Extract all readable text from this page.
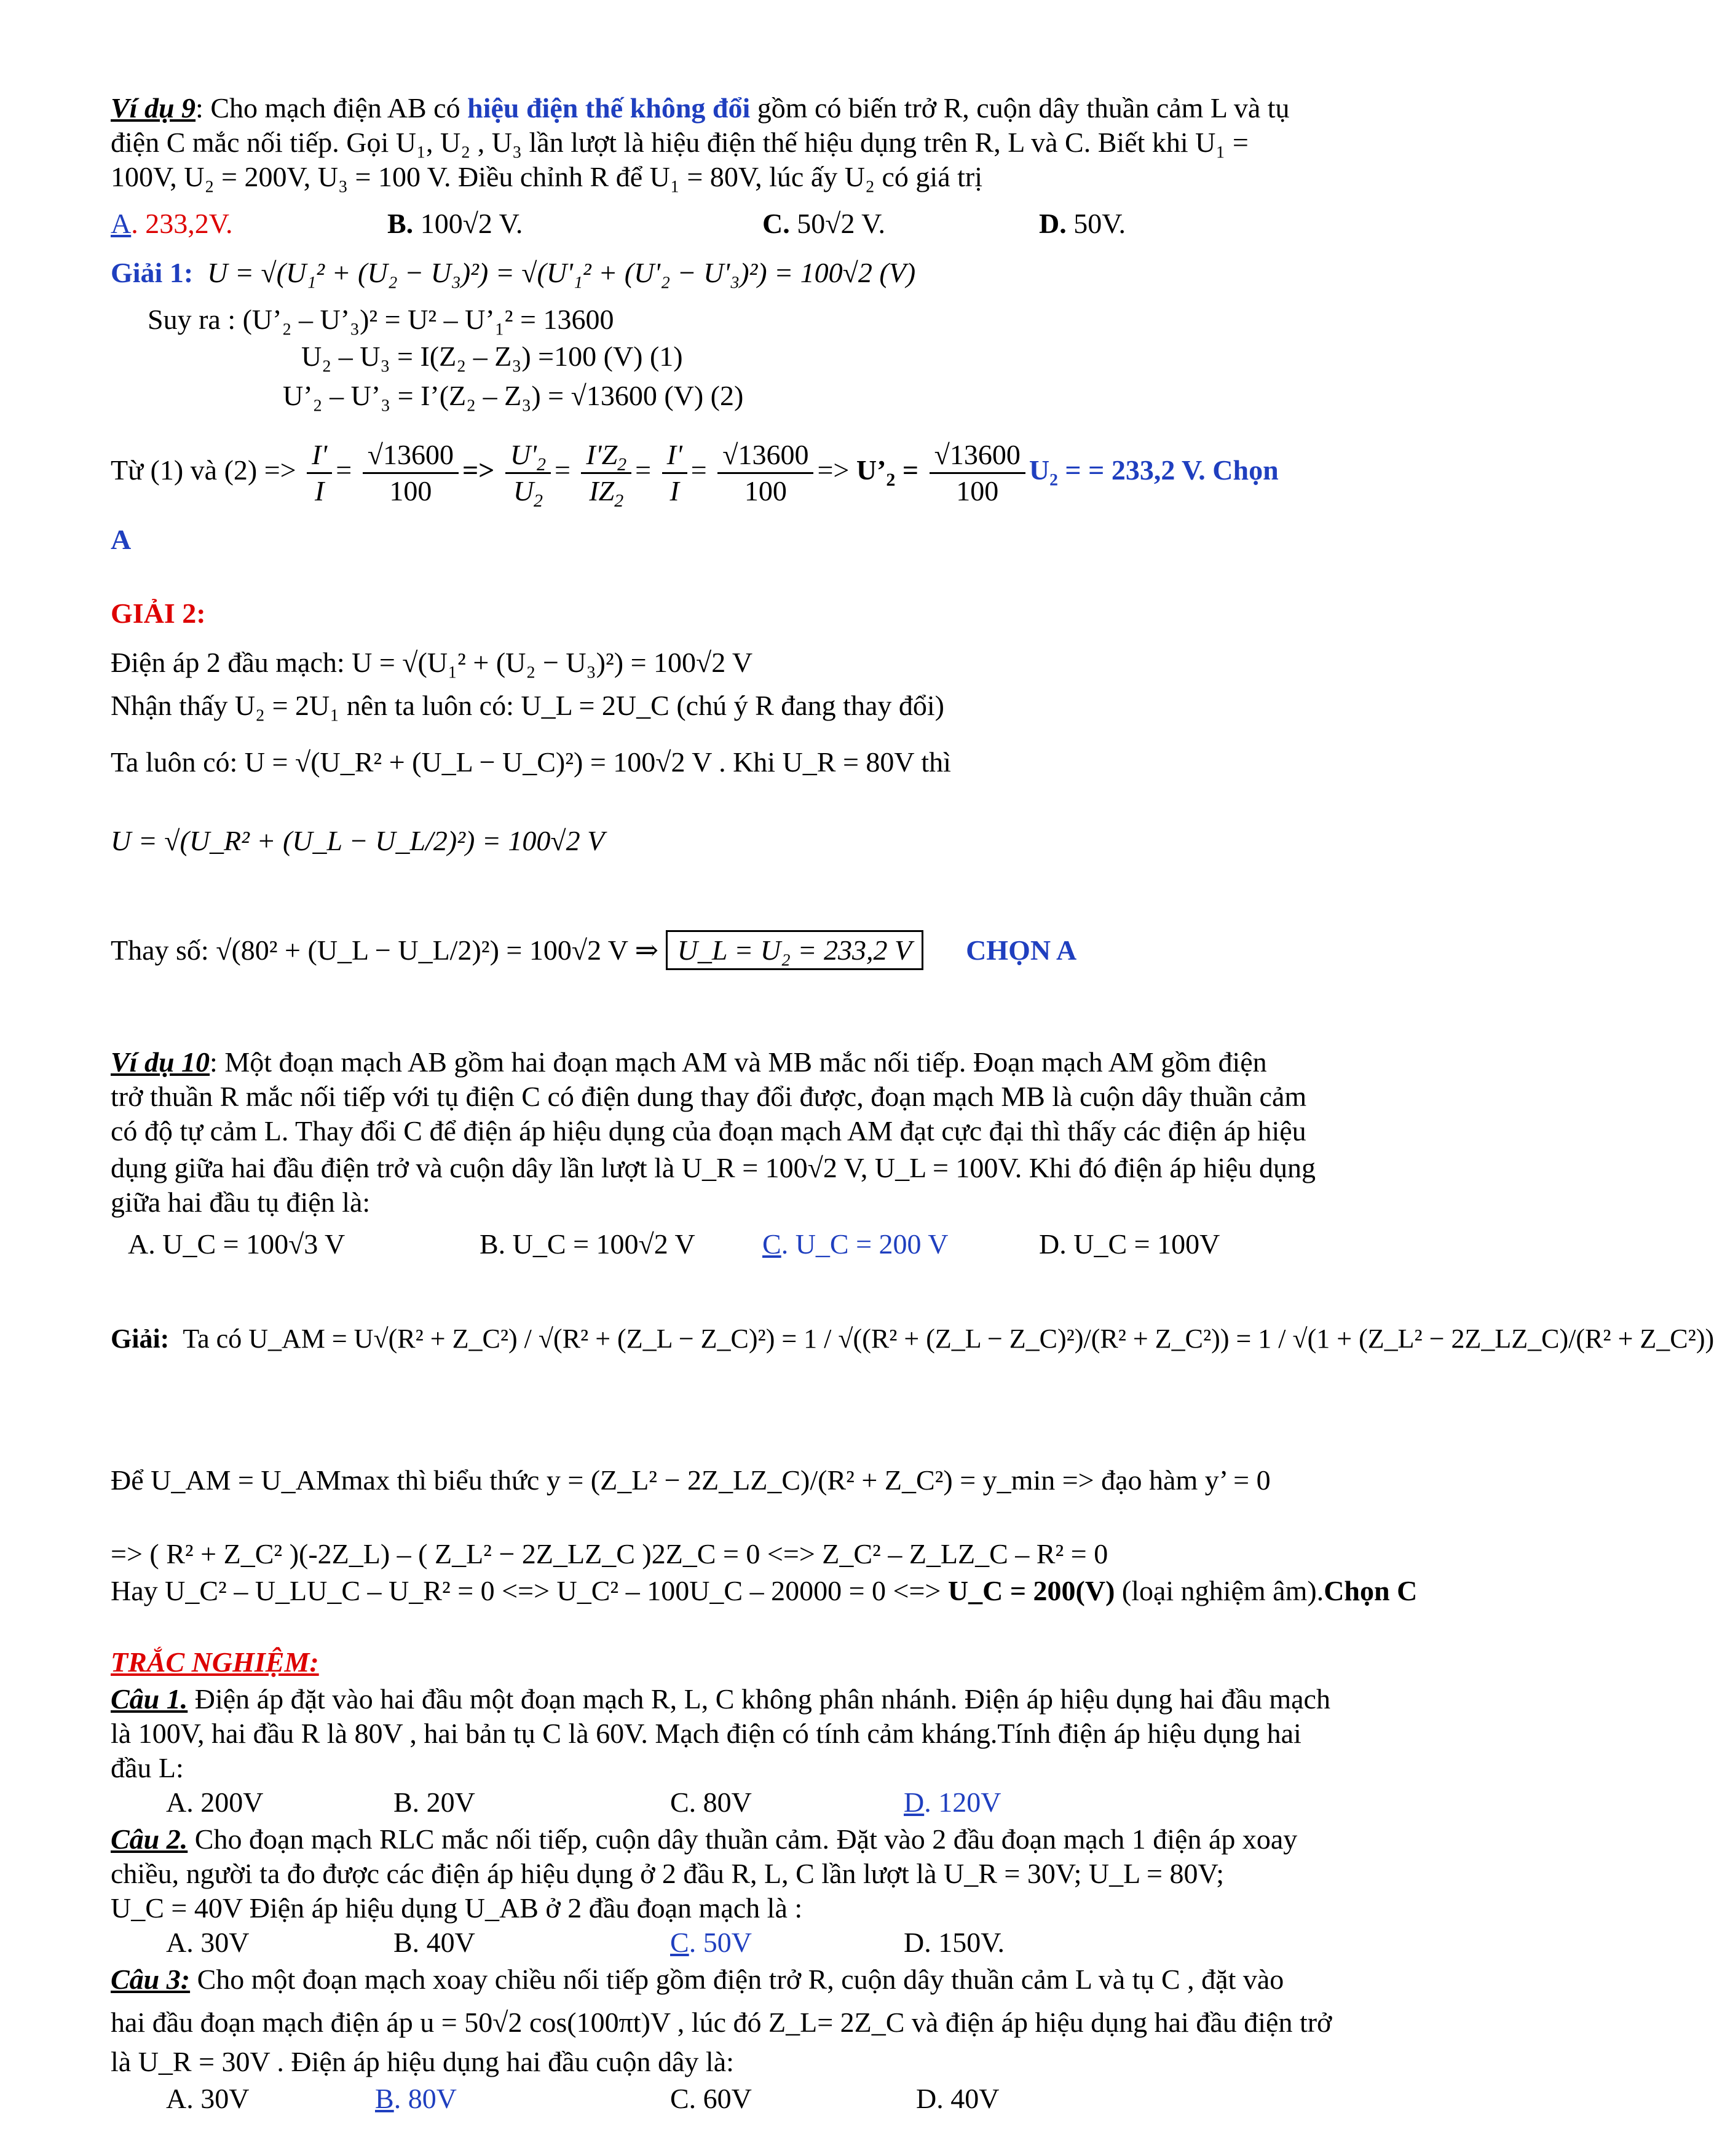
Ví dụ 9: Cho mạch điện AB có hiệu điện thế không đổi gồm có biến trở R, cuộn dây thuần cảm L và tụ
điện C mắc nối tiếp. Gọi U₁, U₂ , U₃ lần lượt là hiệu điện thế hiệu dụng trên R, L và C. Biết khi U₁ =
100V, U₂ = 200V, U₃ = 100 V. Điều chỉnh R để U₁ = 80V, lúc ấy U₂ có giá trị
A. 233,2V.	B. 100√2 V.	C. 50√2 V.	D. 50V.
Giải 1: U = √(U₁² + (U₂ − U₃)²) = √(U'₁² + (U'₂ − U'₃)²) = 100√2 (V)
Suy ra : (U’₂ – U’₃)² = U² – U’₁² = 13600
U₂ – U₃ = I(Z₂ – Z₃) =100 (V) (1)
U’₂ – U’₃ = I’(Z₂ – Z₃) = √13600 (V) (2)
Từ (1) và $(2) => \frac{I'}{I} = \frac{√13600}{100} => \frac{U'_2}{U_2} = \frac{I'Z_2}{IZ_2} = \frac{I'}{I} = \frac{√13600}{100}$ => $U’_2 = \frac{√13600}{100} U_2$ = = 233,2 V. Chọn
A
GIẢI 2:
Điện áp 2 đầu mạch: U = √(U₁² + (U₂ − U₃)²) = 100√2 V
Nhận thấy U₂ = 2U₁ nên ta luôn có: U_L = 2U_C (chú ý R đang thay đổi)
Ta luôn có: U = √(U_R² + (U_L − U_C)²) = 100√2 V . Khi U_R = 80V thì
U = √(U_R² + (U_L − U_L/2)²) = 100√2 V
Thay số: √(80² + (U_L − U_L/2)²) = 100√2 V ⇒ U_L = U₂ = 233,2 V CHỌN A
Ví dụ 10: Một đoạn mạch AB gồm hai đoạn mạch AM và MB mắc nối tiếp. Đoạn mạch AM gồm điện
trở thuần R mắc nối tiếp với tụ điện C có điện dung thay đổi được, đoạn mạch MB là cuộn dây thuần cảm
có độ tự cảm L. Thay đổi C để điện áp hiệu dụng của đoạn mạch AM đạt cực đại thì thấy các điện áp hiệu
dụng giữa hai đầu điện trở và cuộn dây lần lượt là U_R = 100√2 V, U_L = 100V. Khi đó điện áp hiệu dụng
giữa hai đầu tụ điện là:
A. U_C = 100√3 V	B. U_C = 100√2 V C. U_C = 200 V	D. U_C = 100V
Giải: Ta có U_AM = U√(R² + Z_C²) / √(R² + (Z_L − Z_C)²) = 1 / √((R² + (Z_L − Z_C)²)/(R² + Z_C²)) = 1 / √(1 + (Z_L² − 2Z_LZ_C)/(R² + Z_C²))
Để U_AM = U_AMmax thì biểu thức y = (Z_L² − 2Z_LZ_C)/(R² + Z_C²) = y_min => đạo hàm y’ = 0
=> ( R² + Z_C² )(-2Z_L) – ( Z_L² − 2Z_LZ_C )2Z_C = 0 <=> Z_C² – Z_LZ_C – R² = 0
Hay U_C² – U_LU_C – U_R² = 0 <=> U_C² – 100U_C – 20000 = 0 <=> U_C = 200(V) (loại nghiệm âm).Chọn C
TRẮC NGHIỆM:
Câu 1. Điện áp đặt vào hai đầu một đoạn mạch R, L, C không phân nhánh. Điện áp hiệu dụng hai đầu mạch
là 100V, hai đầu R là 80V , hai bản tụ C là 60V. Mạch điện có tính cảm kháng.Tính điện áp hiệu dụng hai
đầu L:
A. 200V	B. 20V	C. 80V	D. 120V
Câu 2. Cho đoạn mạch RLC mắc nối tiếp, cuộn dây thuần cảm. Đặt vào 2 đầu đoạn mạch 1 điện áp xoay
chiều, người ta đo được các điện áp hiệu dụng ở 2 đầu R, L, C lần lượt là U_R = 30V; U_L = 80V;
U_C = 40V Điện áp hiệu dụng U_AB ở 2 đầu đoạn mạch là :
A. 30V	B. 40V	C. 50V	D. 150V.
Câu 3: Cho một đoạn mạch xoay chiều nối tiếp gồm điện trở R, cuộn dây thuần cảm L và tụ C , đặt vào
hai đầu đoạn mạch điện áp u = 50√2 cos(100πt)V , lúc đó Z_L= 2Z_C và điện áp hiệu dụng hai đầu điện trở
là U_R = 30V . Điện áp hiệu dụng hai đầu cuộn dây là:
A. 30V	B. 80V	C. 60V	D. 40V
